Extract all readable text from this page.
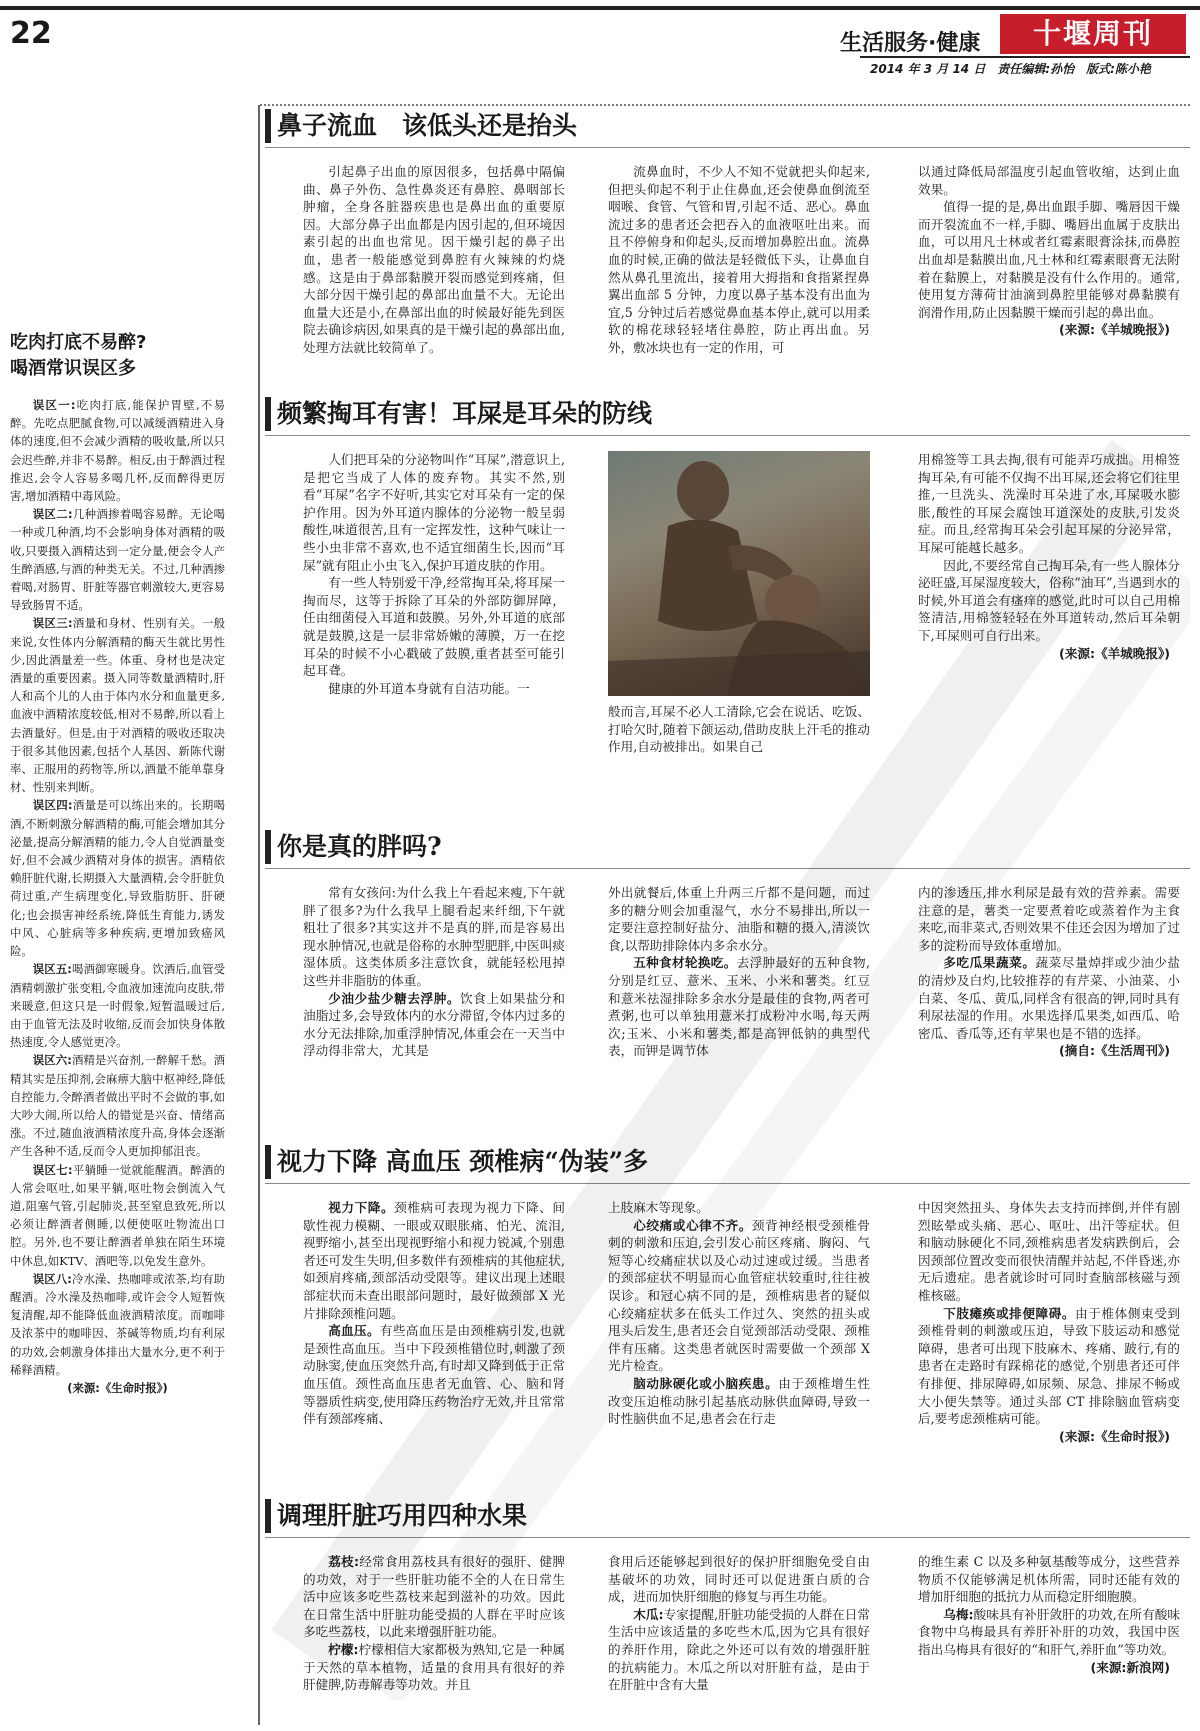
22	生活服务·健康	十堰周刊
2014 年 3 月 14 日　责任编辑:孙怡　版式:陈小艳
吃肉打底不易醉?
喝酒常识误区多

误区一:吃肉打底,能保护胃壁,不易醉。先吃点肥腻食物,可以减缓酒精进入身体的速度,但不会减少酒精的吸收量,所以只会迟些醉,并非不易醉。相反,由于醉酒过程推迟,会令人容易多喝几杯,反而醉得更厉害,增加酒精中毒风险。

误区二:几种酒掺着喝容易醉。无论喝一种或几种酒,均不会影响身体对酒精的吸收,只要摄入酒精达到一定分量,便会令人产生醉酒感,与酒的种类无关。不过,几种酒掺着喝,对肠胃、肝脏等器官刺激较大,更容易导致肠胃不适。

误区三:酒量和身材、性别有关。一般来说,女性体内分解酒精的酶天生就比男性少,因此酒量差一些。体重、身材也是决定酒量的重要因素。摄入同等数量酒精时,肝人和高个儿的人由于体内水分和血量更多,血液中酒精浓度较低,相对不易醉,所以看上去酒量好。但是,由于对酒精的吸收还取决于很多其他因素,包括个人基因、新陈代谢率、正服用的药物等,所以,酒量不能单靠身材、性别来判断。

误区四:酒量是可以练出来的。长期喝酒,不断刺激分解酒精的酶,可能会增加其分泌量,提高分解酒精的能力,令人自觉酒量变好,但不会减少酒精对身体的损害。酒精依赖肝脏代谢,长期摄入大量酒精,会令肝脏负荷过重,产生病理变化,导致脂肪肝、肝硬化;也会损害神经系统,降低生育能力,诱发中风、心脏病等多种疾病,更增加致癌风险。

误区五:喝酒御寒暖身。饮酒后,血管受酒精刺激扩张变粗,令血液加速流向皮肤,带来暖意,但这只是一时假象,短暂温暖过后,由于血管无法及时收缩,反而会加快身体散热速度,令人感觉更冷。

误区六:酒精是兴奋剂,一醉解千愁。酒精其实是压抑剂,会麻痹大脑中枢神经,降低自控能力,令醉酒者做出平时不会做的事,如大吵大闹,所以给人的错觉是兴奋、情绪高涨。不过,随血液酒精浓度升高,身体会逐渐产生各种不适,反而令人更加抑郁沮丧。

误区七:平躺睡一觉就能醒酒。醉酒的人常会呕吐,如果平躺,呕吐物会倒流入气道,阻塞气管,引起肺炎,甚至窒息致死,所以必须让醉酒者侧睡,以便使呕吐物流出口腔。另外,也不要让醉酒者单独在陌生环境中休息,如KTV、酒吧等,以免发生意外。

误区八:冷水澡、热咖啡或浓茶,均有助醒酒。冷水澡及热咖啡,或许会令人短暂恢复清醒,却不能降低血液酒精浓度。而咖啡及浓茶中的咖啡因、茶碱等物质,均有利尿的功效,会刺激身体排出大量水分,更不利于稀释酒精。

(来源:《生命时报》)
鼻子流血　该低头还是抬头

引起鼻子出血的原因很多，包括鼻中隔偏曲、鼻子外伤、急性鼻炎还有鼻腔、鼻咽部长肿瘤，全身各脏器疾患也是鼻出血的重要原因。大部分鼻子出血都是内因引起的,但环境因素引起的出血也常见。因干燥引起的鼻子出血，患者一般能感觉到鼻腔有火辣辣的灼烧感。这是由于鼻部黏膜开裂而感觉到疼痛，但大部分因干燥引起的鼻部出血量不大。无论出血量大还是小,在鼻部出血的时候最好能先到医院去确诊病因,如果真的是干燥引起的鼻部出血,处理方法就比较简单了。

流鼻血时，不少人不知不觉就把头仰起来,但把头仰起不利于止住鼻血,还会使鼻血倒流至咽喉、食管、气管和胃,引起不适、恶心。鼻血流过多的患者还会把吞入的血液呕吐出来。而且不停俯身和仰起头,反而增加鼻腔出血。流鼻血的时候,正确的做法是轻微低下头，让鼻血自然从鼻孔里流出，接着用大拇指和食指紧捏鼻翼出血部 5 分钟，力度以鼻子基本没有出血为宜,5 分钟过后若感觉鼻血基本停止,就可以用柔软的棉花球轻轻堵住鼻腔，防止再出血。另外，敷冰块也有一定的作用，可

以通过降低局部温度引起血管收缩，达到止血效果。

值得一提的是,鼻出血跟手脚、嘴唇因干燥而开裂流血不一样,手脚、嘴唇出血属于皮肤出血，可以用凡士林或者红霉素眼膏涂抹,而鼻腔出血却是黏膜出血,凡士林和红霉素眼膏无法附着在黏膜上，对黏膜是没有什么作用的。通常,使用复方薄荷甘油滴到鼻腔里能够对鼻黏膜有润滑作用,防止因黏膜干燥而引起的鼻出血。

(来源:《羊城晚报》)
频繁掏耳有害！耳屎是耳朵的防线

人们把耳朵的分泌物叫作“耳屎”,潜意识上,是把它当成了人体的废弃物。其实不然,别看“耳屎”名字不好听,其实它对耳朵有一定的保护作用。因为外耳道内腺体的分泌物一般呈弱酸性,味道很苦,且有一定挥发性，这种气味让一些小虫非常不喜欢,也不适宜细菌生长,因而“耳屎”就有阻止小虫飞入,保护耳道皮肤的作用。

有一些人特别爱干净,经常掏耳朵,将耳屎一掏而尽，这等于拆除了耳朵的外部防御屏障，任由细菌侵入耳道和鼓膜。另外,外耳道的底部就是鼓膜,这是一层非常娇嫩的薄膜，万一在挖耳朵的时候不小心戳破了鼓膜,重者甚至可能引起耳聋。

健康的外耳道本身就有自洁功能。一

般而言,耳屎不必人工清除,它会在说话、吃饭、打哈欠时,随着下颌运动,借助皮肤上汗毛的推动作用,自动被排出。如果自己

用棉签等工具去掏,很有可能弄巧成拙。用棉签掏耳朵,有可能不仅掏不出耳屎,还会将它们往里推,一旦洗头、洗澡时耳朵进了水,耳屎吸水膨胀,酸性的耳屎会腐蚀耳道深处的皮肤,引发炎症。而且,经常掏耳朵会引起耳屎的分泌异常，耳屎可能越长越多。

因此,不要经常自己掏耳朵,有一些人腺体分泌旺盛,耳屎湿度较大，俗称“油耳”,当遇到水的时候,外耳道会有瘙痒的感觉,此时可以自己用棉签清洁,用棉签轻轻在外耳道转动,然后耳朵朝下,耳屎则可自行出来。

(来源:《羊城晚报》)
你是真的胖吗?

常有女孩问:为什么我上午看起来瘦,下午就胖了很多?为什么我早上腿看起来纤细,下午就粗壮了很多?其实这并不是真的胖,而是容易出现水肿情况,也就是俗称的水肿型肥胖,中医叫痰湿体质。这类体质多注意饮食，就能轻松甩掉这些并非脂肪的体重。

少油少盐少糖去浮肿。饮食上如果盐分和油脂过多,会导致体内的水分滞留,令体内过多的水分无法排除,加重浮肿情况,体重会在一天当中浮动得非常大，尤其是

外出就餐后,体重上升两三斤都不是问题，而过多的糖分则会加重湿气，水分不易排出,所以一定要注意控制好盐分、油脂和糖的摄入,清淡饮食,以帮助排除体内多余水分。

五种食材轮换吃。去浮肿最好的五种食物,分别是红豆、薏米、玉米、小米和薯类。红豆和薏米祛湿排除多余水分是最佳的食物,两者可煮粥,也可以单独用薏米打成粉冲水喝,每天两次;玉米、小米和薯类,都是高钾低钠的典型代表，而钾是调节体

内的渗透压,排水利尿是最有效的营养素。需要注意的是，薯类一定要煮着吃或蒸着作为主食来吃,而非菜式,否则效果不佳还会因为增加了过多的淀粉而导致体重增加。

多吃瓜果蔬菜。蔬菜尽量焯拌或少油少盐的清炒及白灼,比较推荐的有芹菜、小油菜、小白菜、冬瓜、黄瓜,同样含有很高的钾,同时具有利尿祛湿的作用。水果选择瓜果类,如西瓜、哈密瓜、香瓜等,还有苹果也是不错的选择。

(摘自:《生活周刊》)
视力下降 高血压 颈椎病“伪装”多

视力下降。颈椎病可表现为视力下降、间歇性视力模糊、一眼或双眼胀痛、怕光、流泪,视野缩小,甚至出现视野缩小和视力锐减,个别患者还可发生失明,但多数伴有颈椎病的其他症状,如颈肩疼痛,颈部活动受限等。建议出现上述眼部症状而未查出眼部问题时，最好做颈部 X 光片排除颈椎问题。

高血压。有些高血压是由颈椎病引发,也就是颈性高血压。当中下段颈椎错位时,刺激了颈动脉窦,使血压突然升高,有时却又降到低于正常血压值。颈性高血压患者无血管、心、脑和肾等器质性病变,使用降压药物治疗无效,并且常常伴有颈部疼痛、

上肢麻木等现象。

心绞痛或心律不齐。颈背神经根受颈椎骨刺的刺激和压迫,会引发心前区疼痛、胸闷、气短等心绞痛症状以及心动过速或过缓。当患者的颈部症状不明显而心血管症状较重时,往往被误诊。和冠心病不同的是，颈椎病患者的疑似心绞痛症状多在低头工作过久、突然的扭头或甩头后发生,患者还会自觉颈部活动受限、颈椎伴有压痛。这类患者就医时需要做一个颈部 X 光片检查。

脑动脉硬化或小脑疾患。由于颈椎增生性改变压迫椎动脉引起基底动脉供血障碍,导致一时性脑供血不足,患者会在行走

中因突然扭头、身体失去支持而摔倒,并伴有剧烈眩晕或头痛、恶心、呕吐、出汗等症状。但和脑动脉硬化不同,颈椎病患者发病跌倒后，会因颈部位置改变而很快清醒并站起,不伴昏迷,亦无后遗症。患者就诊时可同时查脑部核磁与颈椎核磁。

下肢瘫痪或排便障碍。由于椎体侧束受到颈椎骨刺的刺激或压迫，导致下肢运动和感觉障碍，患者可出现下肢麻木、疼痛、跛行,有的患者在走路时有踩棉花的感觉,个别患者还可伴有排便、排尿障碍,如尿频、尿急、排尿不畅或大小便失禁等。通过头部 CT 排除脑血管病变后,要考虑颈椎病可能。

(来源:《生命时报》)
调理肝脏巧用四种水果

荔枝:经常食用荔枝具有很好的强肝、健脾的功效，对于一些肝脏功能不全的人在日常生活中应该多吃些荔枝来起到滋补的功效。因此在日常生活中肝脏功能受损的人群在平时应该多吃些荔枝，以此来增强肝脏功能。

柠檬:柠檬相信大家都极为熟知,它是一种属于天然的草本植物，适量的食用具有很好的养肝健脾,防毒解毒等功效。并且

食用后还能够起到很好的保护肝细胞免受自由基破坏的功效，同时还可以促进蛋白质的合成，进而加快肝细胞的修复与再生功能。

木瓜:专家提醒,肝脏功能受损的人群在日常生活中应该适量的多吃些木瓜,因为它具有很好的养肝作用，除此之外还可以有效的增强肝脏的抗病能力。木瓜之所以对肝脏有益，是由于在肝脏中含有大量

的维生素 C 以及多种氨基酸等成分，这些营养物质不仅能够满足机体所需，同时还能有效的增加肝细胞的抵抗力从而稳定肝细胞膜。

乌梅:酸味具有补肝敛肝的功效,在所有酸味食物中乌梅最具有养肝补肝的功效，我国中医指出乌梅具有很好的“和肝气,养肝血”等功效。

(来源:新浪网)
